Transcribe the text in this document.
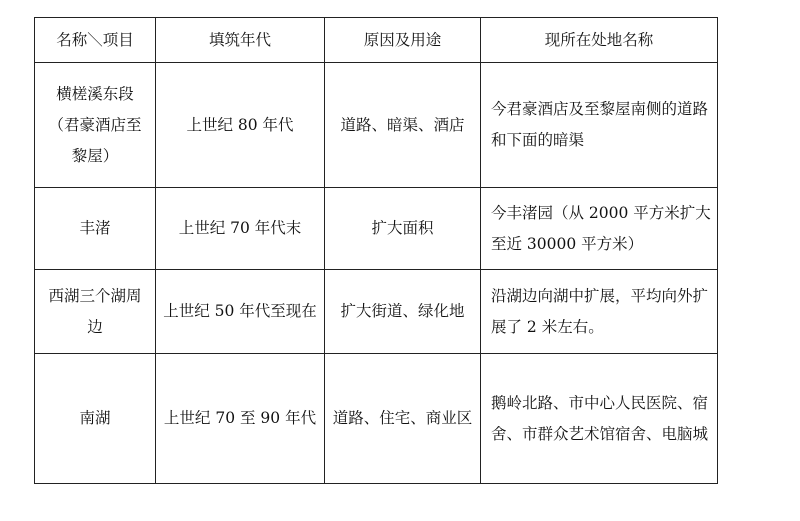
名称＼项目	填筑年代	原因及用途	现所在处地名称
横槎溪东段（君豪酒店至黎屋）	上世纪 80 年代	道路、暗渠、酒店	今君豪酒店及至黎屋南侧的道路和下面的暗渠
丰渚	上世纪 70 年代末	扩大面积	今丰渚园（从 2000 平方米扩大至近 30000 平方米）
西湖三个湖周边	上世纪 50 年代至现在	扩大街道、绿化地	沿湖边向湖中扩展，平均向外扩展了 2 米左右。
南湖	上世纪 70 至 90 年代	道路、住宅、商业区	鹅岭北路、市中心人民医院、宿舍、市群众艺术馆宿舍、电脑城
